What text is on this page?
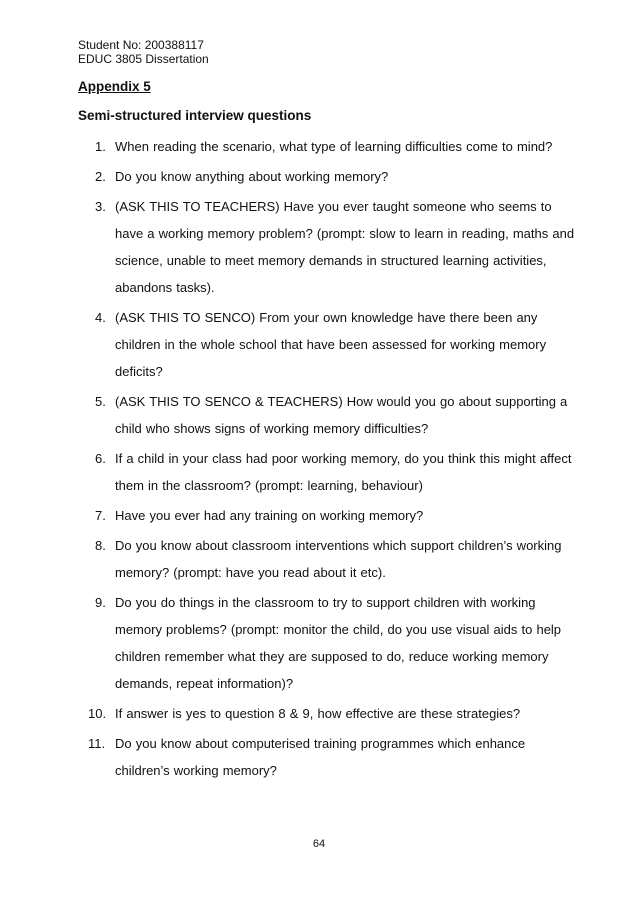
Student No: 200388117
EDUC 3805 Dissertation
Appendix 5
Semi-structured interview questions
1. When reading the scenario, what type of learning difficulties come to mind?
2. Do you know anything about working memory?
3. (ASK THIS TO TEACHERS) Have you ever taught someone who seems to have a working memory problem? (prompt: slow to learn in reading, maths and science, unable to meet memory demands in structured learning activities, abandons tasks).
4. (ASK THIS TO SENCO) From your own knowledge have there been any children in the whole school that have been assessed for working memory deficits?
5. (ASK THIS TO SENCO & TEACHERS) How would you go about supporting a child who shows signs of working memory difficulties?
6. If a child in your class had poor working memory, do you think this might affect them in the classroom? (prompt: learning, behaviour)
7. Have you ever had any training on working memory?
8. Do you know about classroom interventions which support children’s working memory? (prompt: have you read about it etc).
9. Do you do things in the classroom to try to support children with working memory problems? (prompt: monitor the child, do you use visual aids to help children remember what they are supposed to do, reduce working memory demands, repeat information)?
10. If answer is yes to question 8 & 9, how effective are these strategies?
11. Do you know about computerised training programmes which enhance children’s working memory?
64
